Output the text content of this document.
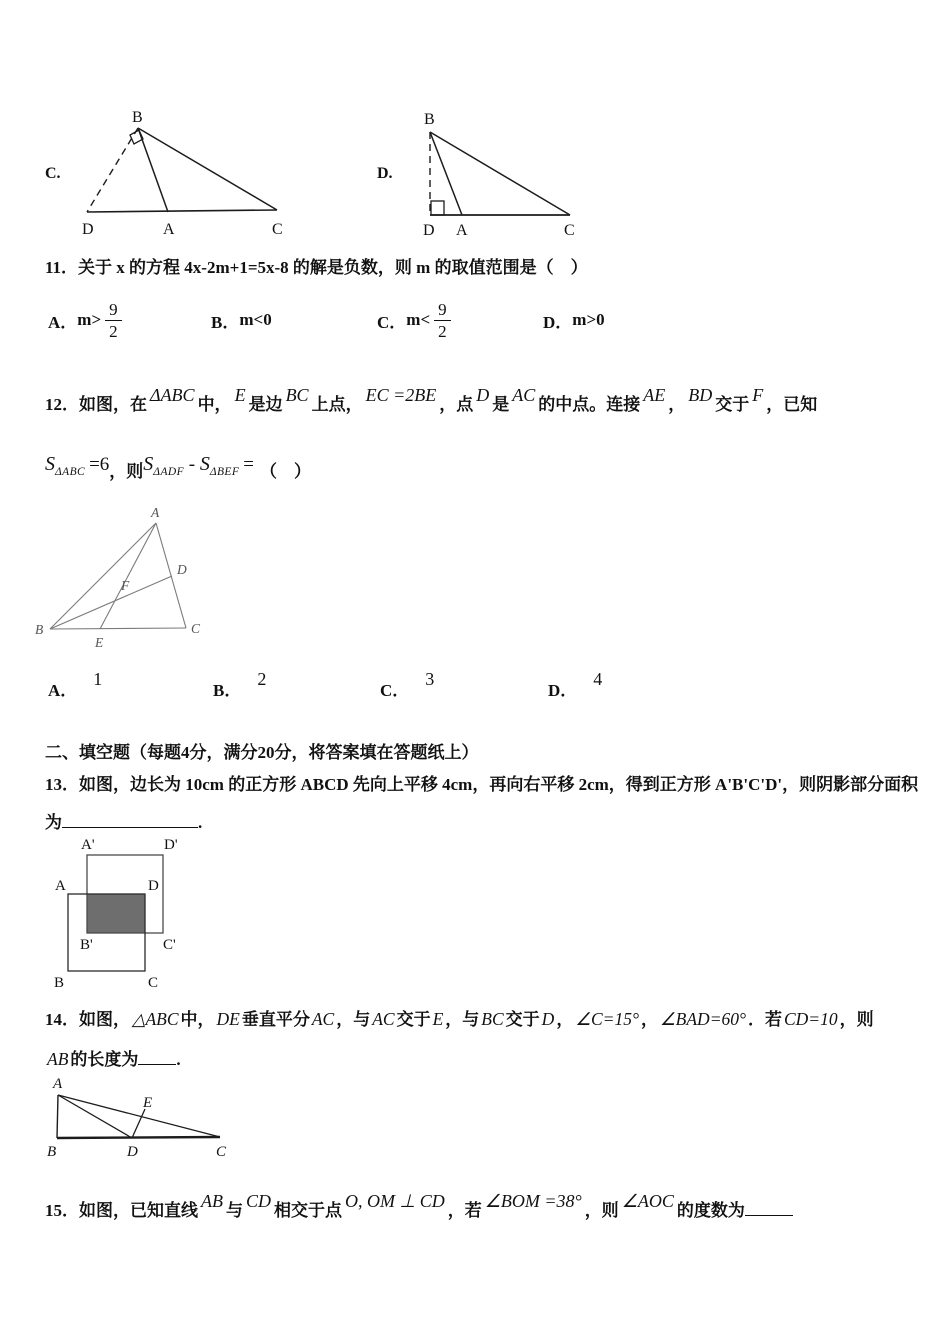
C.
B
D	A	C
D.
B
D A	C
11．关于 x 的方程 4x-2m+1=5x-8 的解是负数，则 m 的取值范围是（　）
A． $m> \frac{9}{2}$	B． m<0	C． $m< \frac{9}{2}$	D． m>0
12．如图，在 ΔABC 中， E 是边 BC 上点， EC =2BE ，点 D 是 AC 的中点。连接 AE ， BD 交于 F ，已知
$S_{\Delta ABC} =6$，则$S_{\Delta ADF} - S_{\Delta BEF}$ = （　）
A
B	C
D
E
F
A．1
B．2
C．3
D．4
二、填空题（每题4分，满分20分，将答案填在答题纸上）
13．如图，边长为 10cm 的正方形 ABCD 先向上平移 4cm，再向右平移 2cm，得到正方形 A'B'C'D'，则阴影部分面积
为	.
A'	D'
A	D
B'	C'
B	C
14．如图， △ABC 中， DE 垂直平分 AC ，与 AC 交于 E ，与 BC 交于 D ， ∠C=15° ， ∠BAD=60° ．若 CD=10 ，则
AB 的长度为 .
A
B	D	C
E
15．如图，已知直线 AB 与 CD 相交于点 O, OM ⊥ CD ，若 ∠BOM =38° ，则 ∠AOC 的度数为
